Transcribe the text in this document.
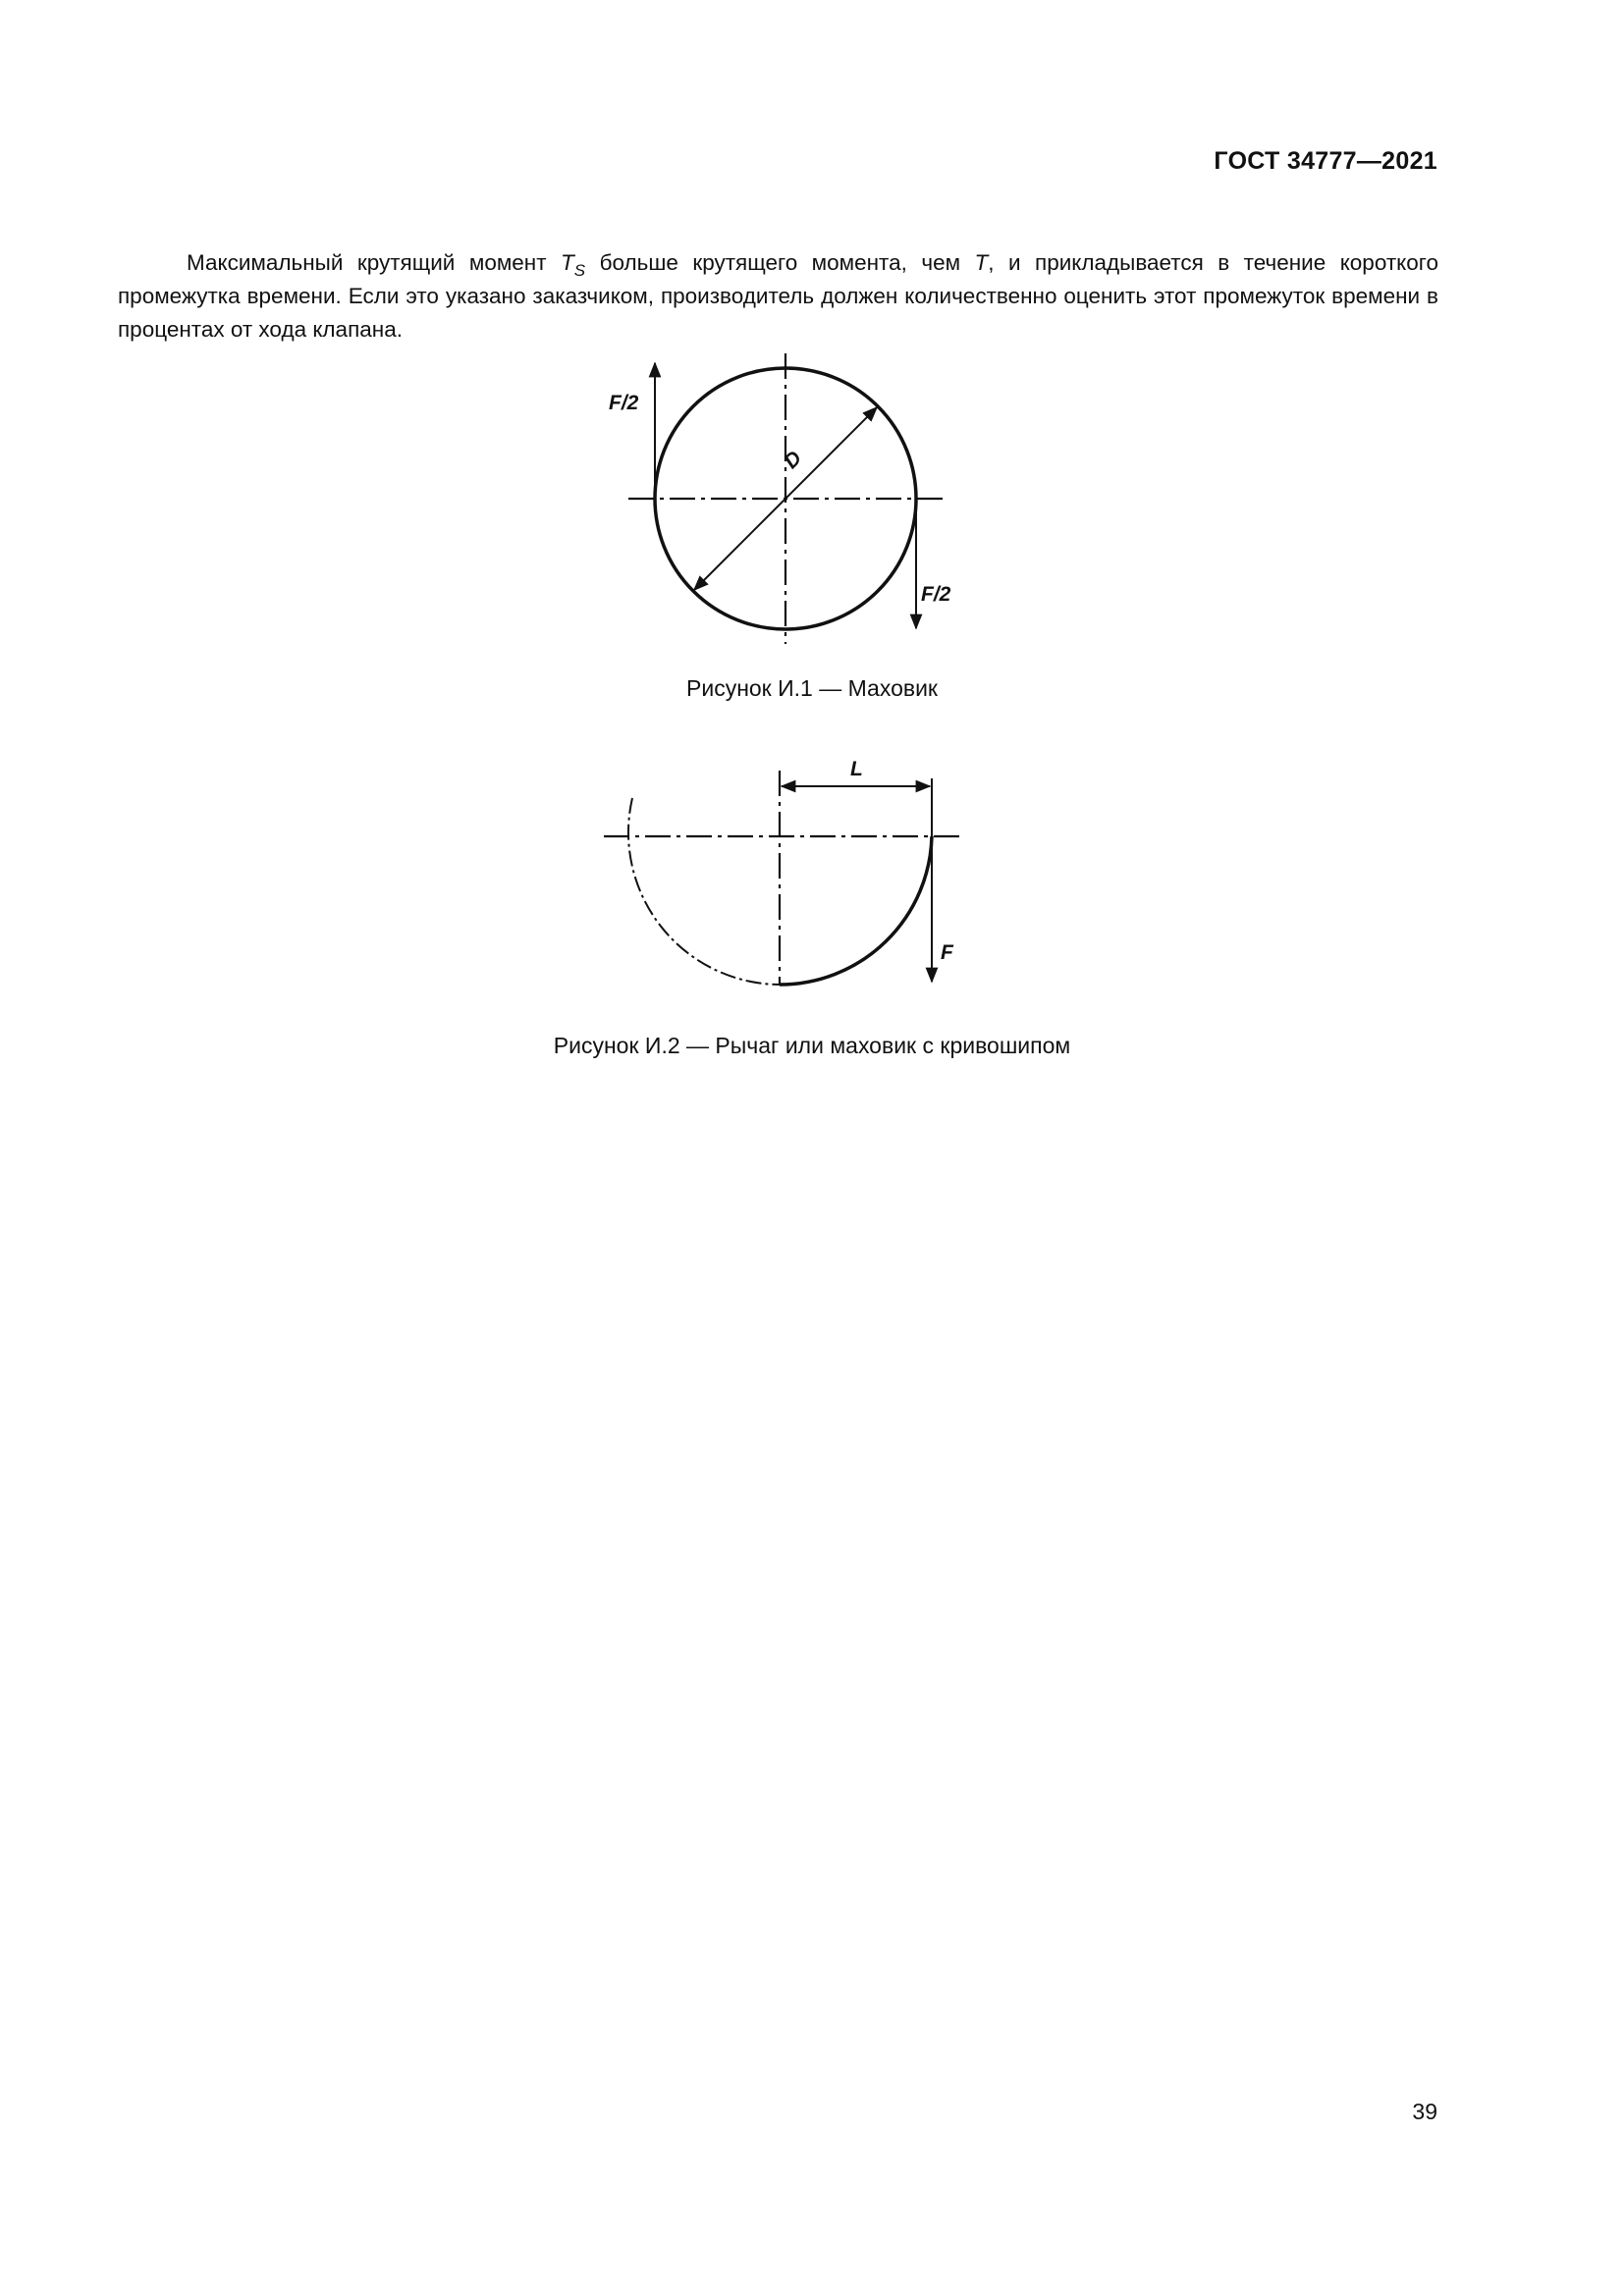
ГОСТ 34777—2021

Максимальный крутящий момент $T_S$ больше крутящего момента, чем T, и прикладывается в течение коpоткого промежутка времени. Если это указано заказчиком, производитель должен количественно оценить этот промежуток времени в процентах от хода клапана.

F/2
F/2
D
Рисунок И.1 — Маховик
L
F
Рисунок И.2 — Рычаг или маховик с кривошипом
39
